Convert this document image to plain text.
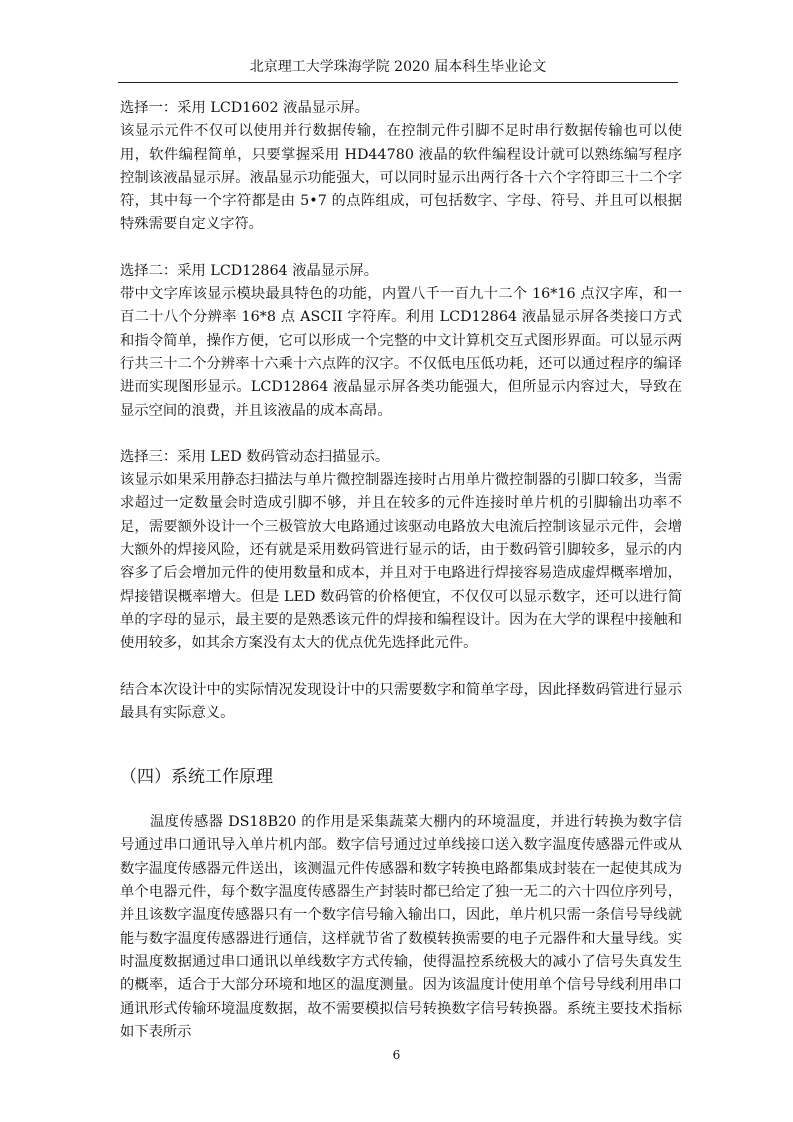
北京理工大学珠海学院 2020 届本科生毕业论文

选择一：采用 LCD1602 液晶显示屏。

该显示元件不仅可以使用并行数据传输，在控制元件引脚不足时串行数据传输也可以使用，软件编程简单，只要掌握采用 HD44780 液晶的软件编程设计就可以熟练编写程序控制该液晶显示屏。液晶显示功能强大，可以同时显示出两行各十六个字符即三十二个字符，其中每一个字符都是由 5•7 的点阵组成，可包括数字、字母、符号、并且可以根据特殊需要自定义字符。

选择二：采用 LCD12864 液晶显示屏。

带中文字库该显示模块最具特色的功能，内置八千一百九十二个 16*16 点汉字库，和一百二十八个分辨率 16*8 点 ASCII 字符库。利用 LCD12864 液晶显示屏各类接口方式和指令简单，操作方便，它可以形成一个完整的中文计算机交互式图形界面。可以显示两行共三十二个分辨率十六乘十六点阵的汉字。不仅低电压低功耗，还可以通过程序的编译进而实现图形显示。LCD12864 液晶显示屏各类功能强大，但所显示内容过大，导致在显示空间的浪费，并且该液晶的成本高昂。

选择三：采用 LED 数码管动态扫描显示。

该显示如果采用静态扫描法与单片微控制器连接时占用单片微控制器的引脚口较多，当需求超过一定数量会时造成引脚不够，并且在较多的元件连接时单片机的引脚输出功率不足，需要额外设计一个三极管放大电路通过该驱动电路放大电流后控制该显示元件，会增大额外的焊接风险，还有就是采用数码管进行显示的话，由于数码管引脚较多，显示的内容多了后会增加元件的使用数量和成本，并且对于电路进行焊接容易造成虚焊概率增加，焊接错误概率增大。但是 LED 数码管的价格便宜，不仅仅可以显示数字，还可以进行简单的字母的显示，最主要的是熟悉该元件的焊接和编程设计。因为在大学的课程中接触和使用较多，如其余方案没有太大的优点优先选择此元件。

结合本次设计中的实际情况发现设计中的只需要数字和简单字母，因此择数码管进行显示最具有实际意义。

（四）系统工作原理

温度传感器 DS18B20 的作用是采集蔬菜大棚内的环境温度，并进行转换为数字信号通过串口通讯导入单片机内部。数字信号通过过单线接口送入数字温度传感器元件或从数字温度传感器元件送出，该测温元件传感器和数字转换电路都集成封装在一起使其成为单个电器元件，每个数字温度传感器生产封装时都已给定了独一无二的六十四位序列号，并且该数字温度传感器只有一个数字信号输入输出口，因此，单片机只需一条信号导线就能与数字温度传感器进行通信，这样就节省了数模转换需要的电子元器件和大量导线。实时温度数据通过串口通讯以单线数字方式传输，使得温控系统极大的减小了信号失真发生的概率，适合于大部分环境和地区的温度测量。因为该温度计使用单个信号导线利用串口通讯形式传输环境温度数据，故不需要模拟信号转换数字信号转换器。系统主要技术指标如下表所示

6
